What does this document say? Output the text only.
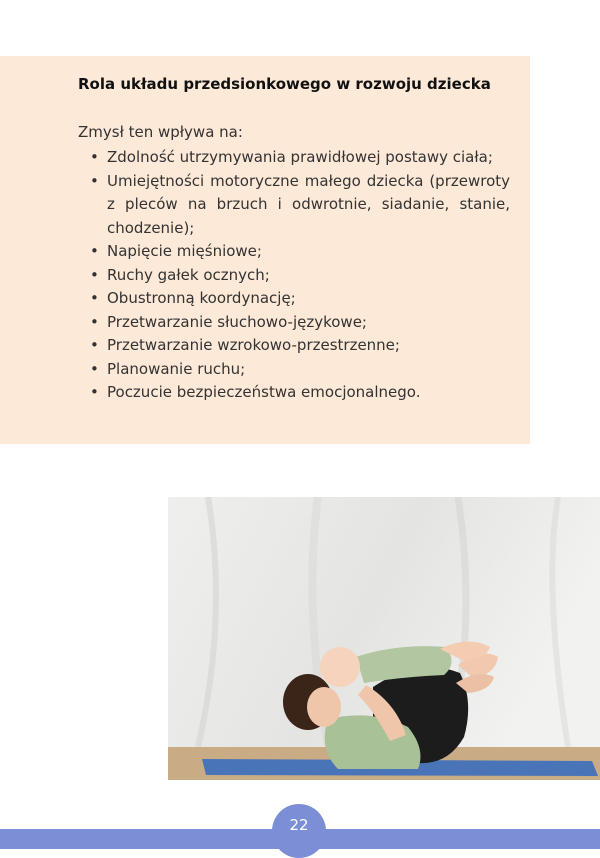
Rola układu przedsionkowego w rozwoju dziecka
Zmysł ten wpływa na:
• Zdolność utrzymywania prawidłowej postawy ciała;
• Umiejętności motoryczne małego dziecka (przewroty z pleców na brzuch i odwrotnie, siadanie, stanie, chodzenie);
• Napięcie mięśniowe;
• Ruchy gałek ocznych;
• Obustronną koordynację;
• Przetwarzanie słuchowo-językowe;
• Przetwarzanie wzrokowo-przestrzenne;
• Planowanie ruchu;
• Poczucie bezpieczeństwa emocjonalnego.
22
